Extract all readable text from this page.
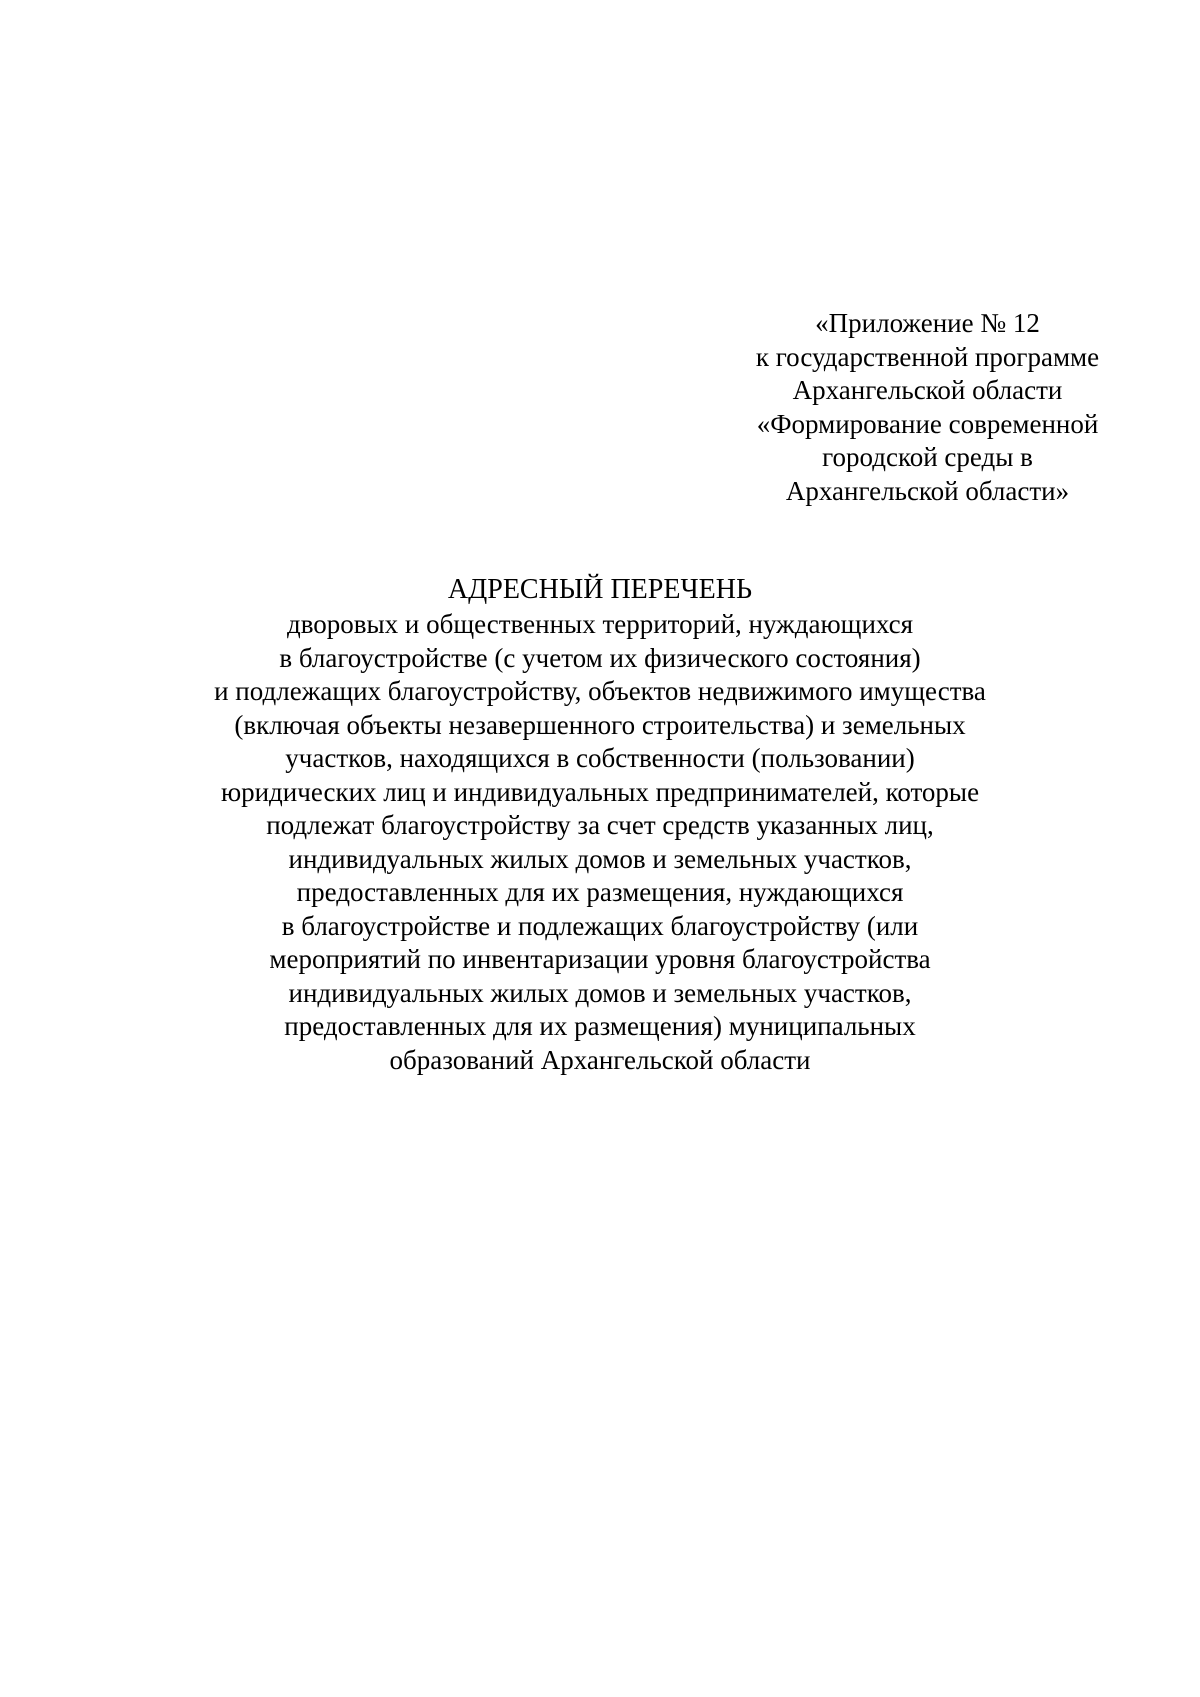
«Приложение № 12
к государственной программе
Архангельской области
«Формирование современной
городской среды в
Архангельской области»
АДРЕСНЫЙ ПЕРЕЧЕНЬ
дворовых и общественных территорий, нуждающихся
в благоустройстве (с учетом их физического состояния)
и подлежащих благоустройству, объектов недвижимого имущества
(включая объекты незавершенного строительства) и земельных
участков, находящихся в собственности (пользовании)
юридических лиц и индивидуальных предпринимателей, которые
подлежат благоустройству за счет средств указанных лиц,
индивидуальных жилых домов и земельных участков,
предоставленных для их размещения, нуждающихся
в благоустройстве и подлежащих благоустройству (или
мероприятий по инвентаризации уровня благоустройства
индивидуальных жилых домов и земельных участков,
предоставленных для их размещения) муниципальных
образований Архангельской области
